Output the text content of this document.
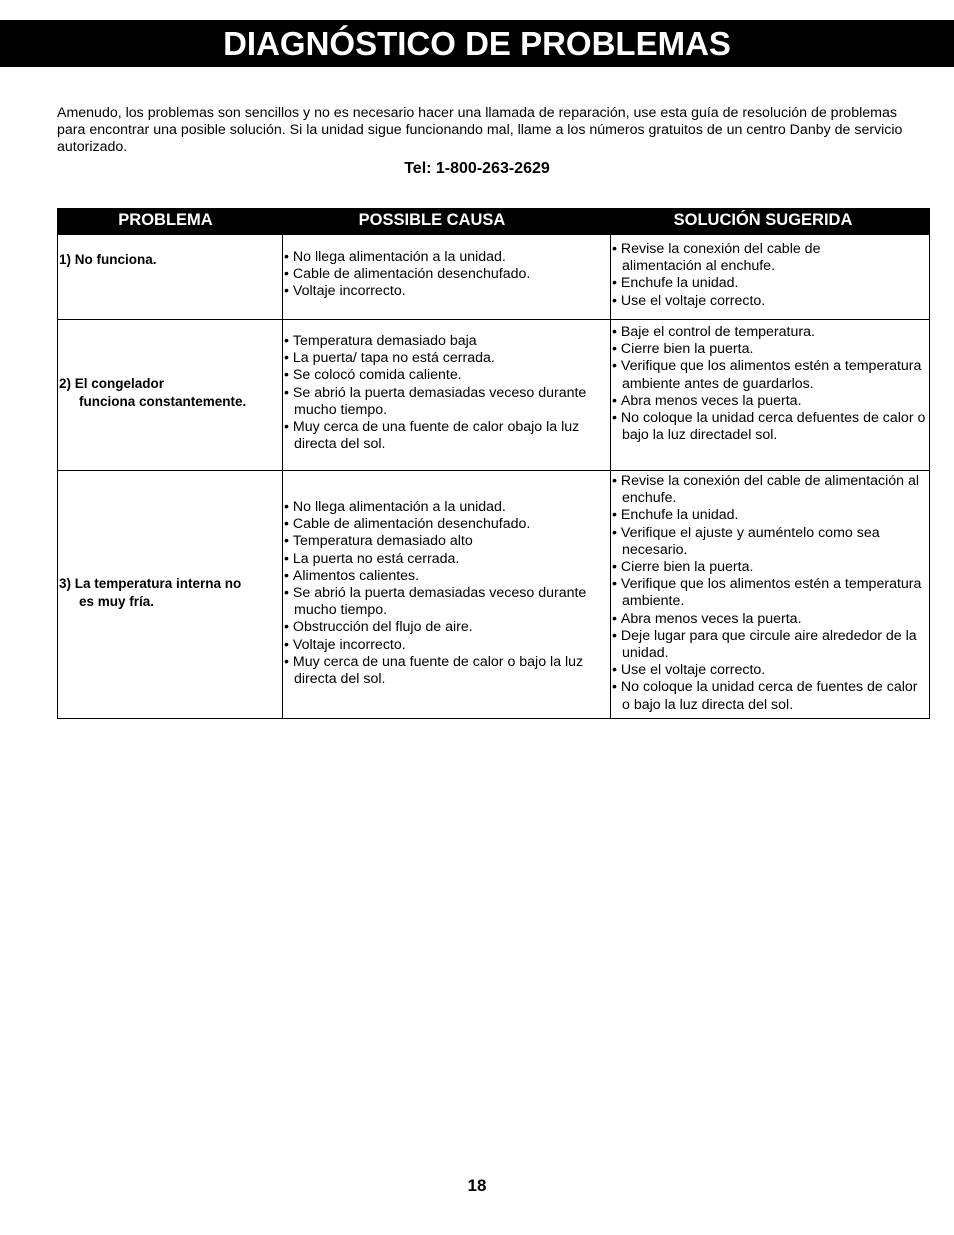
DIAGNÓSTICO DE PROBLEMAS
Amenudo, los problemas son sencillos y no es necesario hacer una llamada de reparación, use esta guía de resolución de problemas para encontrar una posible solución. Si la unidad sigue funcionando mal, llame a los números gratuitos de un centro Danby de servicio autorizado.
Tel: 1-800-263-2629
PROBLEMA	POSSIBLE CAUSA	SOLUCIÓN SUGERIDA
1) No funciona.
•	No llega alimentación a la unidad.
• Cable de alimentación desenchufado.
• Voltaje incorrecto.
• Revise la conexión del cable de alimentación al enchufe.
• Enchufe la unidad.
• Use el voltaje correcto.
2) El congelador
funciona constantemente.
• Temperatura demasiado baja
• La puerta/ tapa no está cerrada.
• Se colocó comida caliente.
• Se abrió la puerta demasiadas veceso durante mucho tiempo.
• Muy cerca de una fuente de calor obajo la luz directa del sol.
• Baje el control de temperatura.
• Cierre bien la puerta.
• Verifique que los alimentos estén a temperatura ambiente antes de guardarlos.
• Abra menos veces la puerta.
• No coloque la unidad cerca defuentes de calor o bajo la luz directadel sol.
3) La temperatura interna no
es muy fría.
• No llega alimentación a la unidad.
• Cable de alimentación desenchufado.
• Temperatura demasiado alto
• La puerta no está cerrada.
• Alimentos calientes.
• Se abrió la puerta demasiadas veceso durante mucho tiempo.
• Obstrucción del flujo de aire.
• Voltaje incorrecto.
• Muy cerca de una fuente de calor o bajo la luz directa del sol.
• Revise la conexión del cable de alimentación al enchufe.
• Enchufe la unidad.
• Verifique el ajuste y auméntelo como sea necesario.
• Cierre bien la puerta.
• Verifique que los alimentos estén a temperatura ambiente.
• Abra menos veces la puerta.
• Deje lugar para que circule aire alrededor de la unidad.
• Use el voltaje correcto.
• No coloque la unidad cerca de fuentes de calor o bajo la luz directa del sol.
18
